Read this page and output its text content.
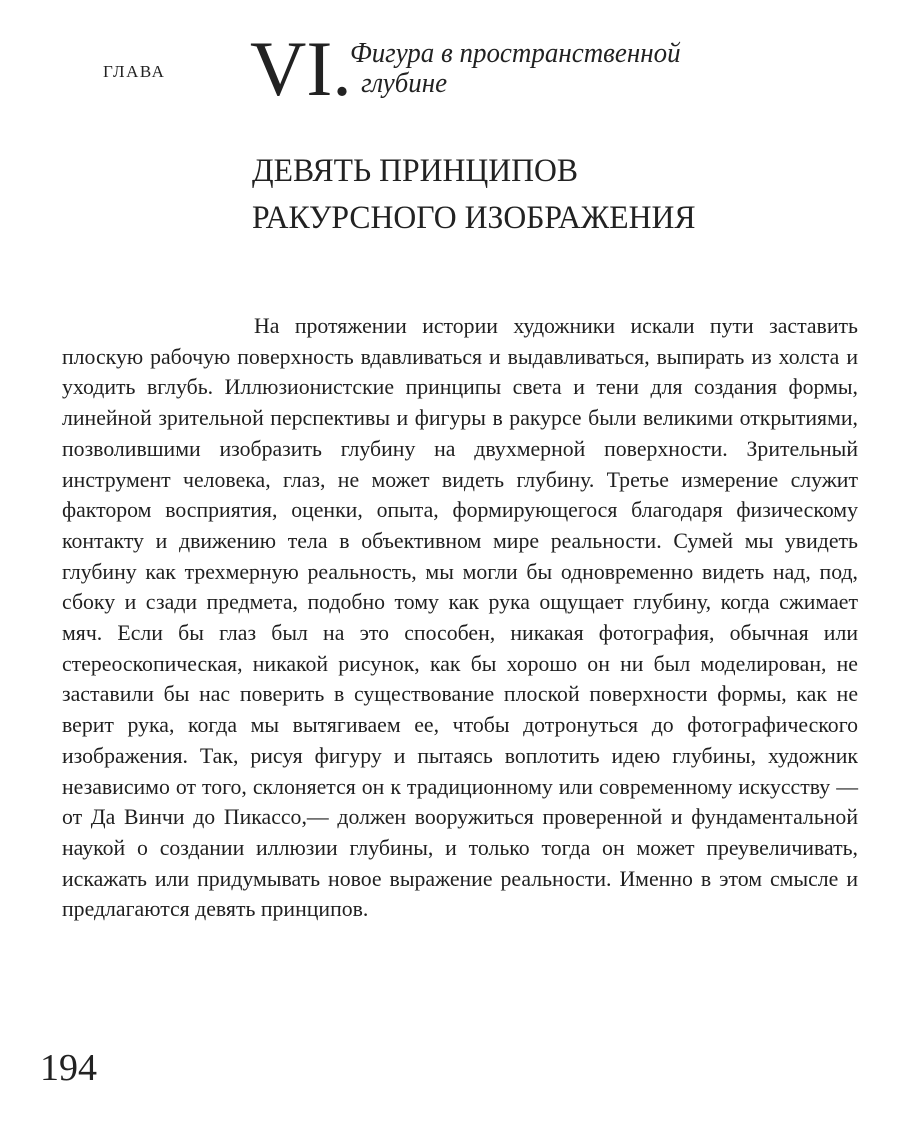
ГЛАВА VI.
Фигура в пространственной
глубине
ДЕВЯТЬ ПРИНЦИПОВ
РАКУРСНОГО ИЗОБРАЖЕНИЯ

На протяжении истории художники искали пути заставить плоскую рабочую поверхность вдавливаться и выдавливаться, выпирать из холста и уходить вглубь. Иллюзионистские принципы света и тени для создания формы, линейной зрительной перспективы и фигуры в ракурсе были великими открытиями, позволившими изобразить глубину на двухмерной поверхности. Зрительный инструмент человека, глаз, не может видеть глубину. Третье измерение служит фактором восприятия, оценки, опыта, формирующегося благодаря физическому контакту и движению тела в объективном мире реальности. Сумей мы увидеть глубину как трехмерную реальность, мы могли бы одновременно видеть над, под, сбоку и сзади предмета, подобно тому как рука ощущает глубину, когда сжимает мяч. Если бы глаз был на это способен, никакая фотография, обычная или стереоскопическая, никакой рисунок, как бы хорошо он ни был моделирован, не заставили бы нас поверить в существование плоской поверхности формы, как не верит рука, когда мы вытягиваем ее, чтобы дотронуться до фотографического изображения. Так, рисуя фигуру и пытаясь воплотить идею глубины, художник независимо от того, склоняется он к традиционному или современному искусству — от Да Винчи до Пикассо,— должен вооружиться проверенной и фундаментальной наукой о создании иллюзии глубины, и только тогда он может преувеличивать, искажать или придумывать новое выражение реальности. Именно в этом смысле и предлагаются девять принципов.

194
